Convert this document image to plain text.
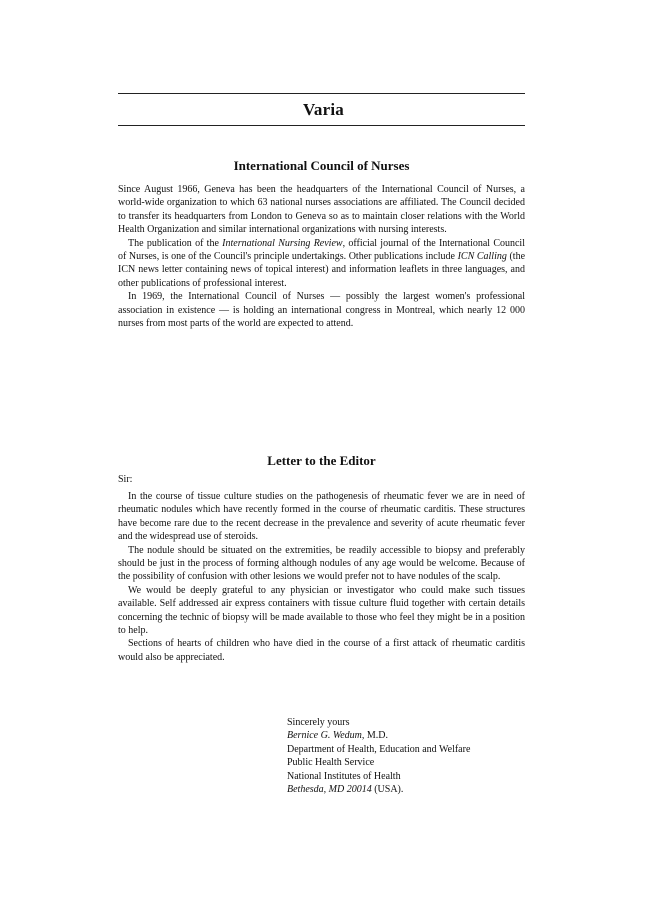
Varia
International Council of Nurses

Since August 1966, Geneva has been the headquarters of the International Council of Nurses, a world-wide organization to which 63 national nurses associations are affiliated. The Council decided to transfer its headquarters from London to Geneva so as to maintain closer relations with the World Health Organization and similar international organizations with nursing interests.

The publication of the International Nursing Review, official journal of the International Council of Nurses, is one of the Council's principle undertakings. Other publications include ICN Calling (the ICN news letter containing news of topical interest) and information leaflets in three languages, and other publications of professional interest.

In 1969, the International Council of Nurses — possibly the largest women's professional association in existence — is holding an international congress in Montreal, which nearly 12 000 nurses from most parts of the world are expected to attend.

Letter to the Editor
Sir:

In the course of tissue culture studies on the pathogenesis of rheumatic fever we are in need of rheumatic nodules which have recently formed in the course of rheumatic carditis. These structures have become rare due to the recent decrease in the prevalence and severity of acute rheumatic fever and the widespread use of steroids.

The nodule should be situated on the extremities, be readily accessible to biopsy and preferably should be just in the process of forming although nodules of any age would be welcome. Because of the possibility of confusion with other lesions we would prefer not to have nodules of the scalp.

We would be deeply grateful to any physician or investigator who could make such tissues available. Self addressed air express containers with tissue culture fluid together with certain details concerning the technic of biopsy will be made available to those who feel they might be in a position to help.

Sections of hearts of children who have died in the course of a first attack of rheumatic carditis would also be appreciated.

Sincerely yours
Bernice G. Wedum, M.D.
Department of Health, Education and Welfare
Public Health Service
National Institutes of Health
Bethesda, MD 20014 (USA).
